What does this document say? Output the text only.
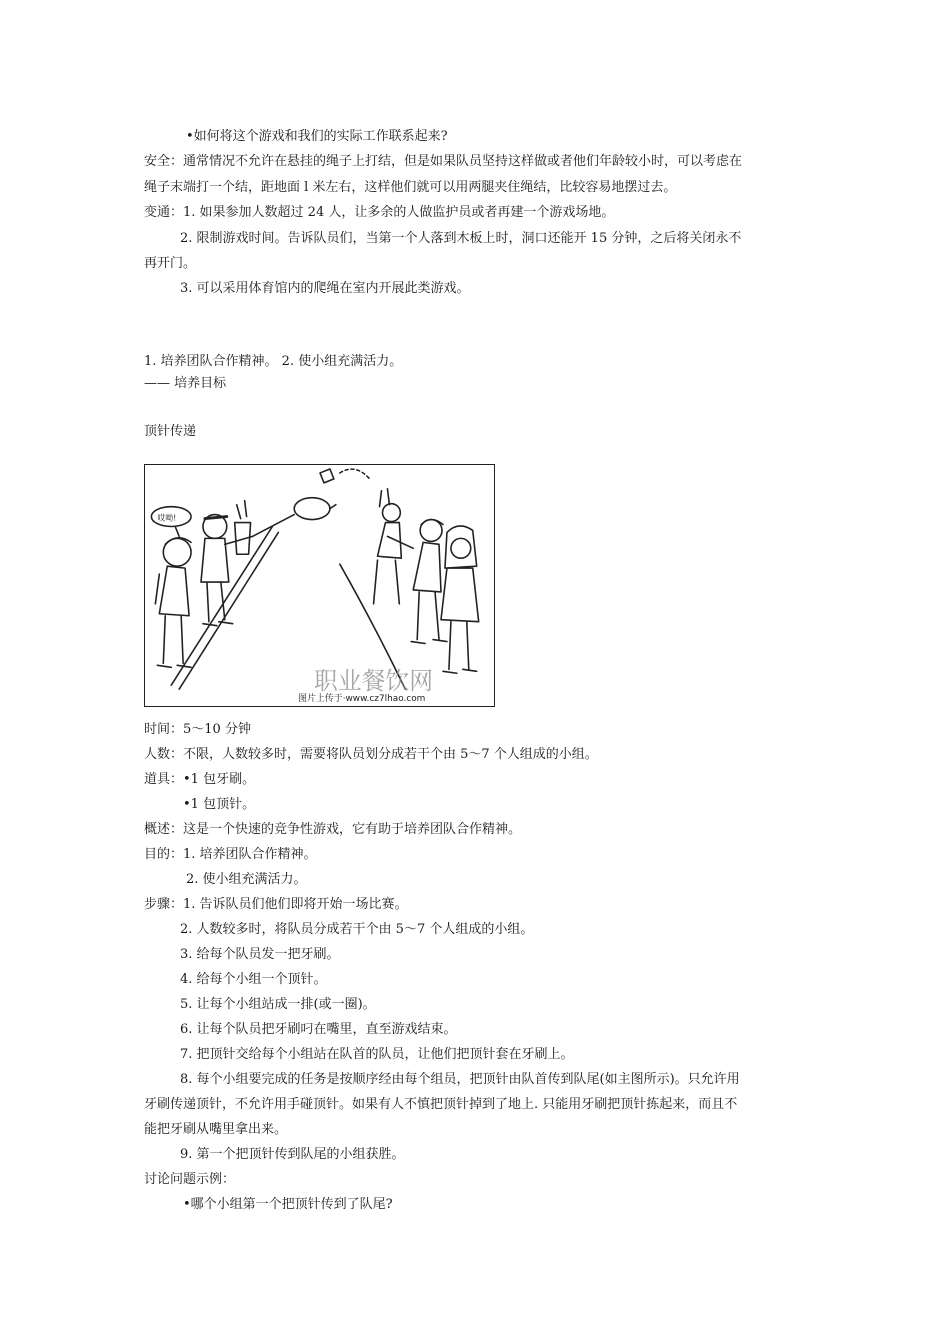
•如何将这个游戏和我们的实际工作联系起来?
安全：通常情况不允许在悬挂的绳子上打结，但是如果队员坚持这样做或者他们年龄较小时，可以考虑在
绳子末端打一个结，距地面 l 米左右，这样他们就可以用两腿夹住绳结，比较容易地摆过去。
变通：1. 如果参加人数超过 24 人，让多余的人做监护员或者再建一个游戏场地。
2. 限制游戏时间。告诉队员们，当第一个人落到木板上时，洞口还能开 15 分钟，之后将关闭永不
再开门。
3. 可以采用体育馆内的爬绳在室内开展此类游戏。
1. 培养团队合作精神。 2. 使小组充满活力。
—— 培养目标
顶针传递
哎呦!
职业餐饮网
图片上传于·www.cz7lhao.com
时间：5～10 分钟
人数：不限，人数较多时，需要将队员划分成若干个由 5～7 个人组成的小组。
道具：•1 包牙刷。
•1 包顶针。
概述：这是一个快速的竞争性游戏，它有助于培养团队合作精神。
目的：1. 培养团队合作精神。
2. 使小组充满活力。
步骤：1. 告诉队员们他们即将开始一场比赛。
2. 人数较多时，将队员分成若干个由 5～7 个人组成的小组。
3. 给每个队员发一把牙刷。
4. 给每个小组一个顶针。
5. 让每个小组站成一排(或一圈)。
6. 让每个队员把牙刷叼在嘴里，直至游戏结束。
7. 把顶针交给每个小组站在队首的队员，让他们把顶针套在牙刷上。
8. 每个小组要完成的任务是按顺序经由每个组员，把顶针由队首传到队尾(如主图所示)。只允许用
牙刷传递顶针，不允许用手碰顶针。如果有人不慎把顶针掉到了地上. 只能用牙刷把顶针拣起来，而且不
能把牙刷从嘴里拿出来。
9. 第一个把顶针传到队尾的小组获胜。
讨论问题示例：
•哪个小组第一个把顶针传到了队尾?
